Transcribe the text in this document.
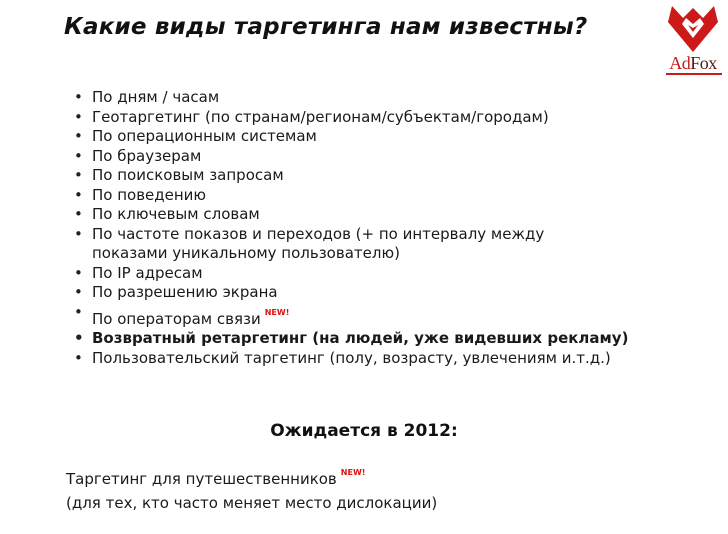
Какие виды таргетинга нам известны?
AdFox
• По дням / часам
• Геотаргетинг (по странам/регионам/субъектам/городам)
• По операционным системам
• По браузерам
• По поисковым запросам
• По поведению
• По ключевым словам
• По частоте показов и переходов (+ по интервалу между
показами уникальному пользователю)
• По IP адресам
• По разрешению экрана
• По операторам связи $^{NEW!}$
• Возвратный ретаргетинг (на людей, уже видевших рекламу)
• Пользовательский таргетинг (полу, возрасту, увлечениям и.т.д.)
Ожидается в 2012:
Таргетинг для путешественников $^{NEW!}$
(для тех, кто часто меняет место дислокации)
